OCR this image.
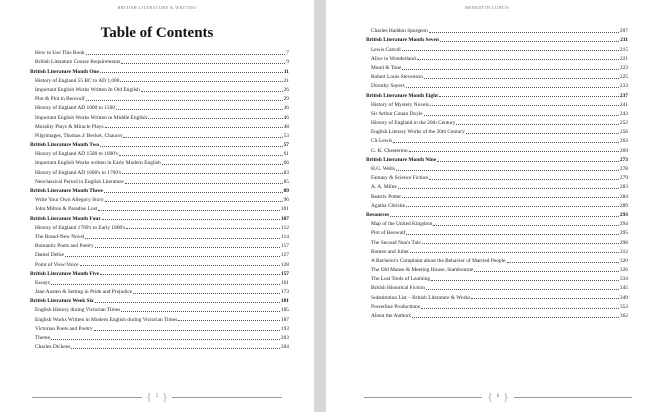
BRITISH LITERATURE & WRITING
Table of Contents
How to Use This Book	7
British Literature Course Requirements	9
British Literature Month One	11
History of England 55 BC to AD 1,000	21
Important English Works Written In Old English	26
Plot & Plot in Beowulf	29
History of England AD 1000 to 1500	36
Important English Works Written in Middle English	46
Morality Plays & Miracle Plays	48
Pilgrimages, Thomas á' Becket, Chaucer	53
British Literature Month Two	57
History of England AD 1500 to 1600's	61
Important English Works written in Early Modern English	66
History of England AD 1600's to 1700's	83
Neoclassical Period in English Literature	85
British Literature Month Three	89
Write Your Own Allegory Story	96
John Milton & Paradise Lost	101
British Literature Month Four	107
History of England 1700's to Early 1800's	112
The Brand-New Novel	114
Romantic Poets and Poetry	117
Daniel Defoe	127
Point of View/Voice	128
British Literature Month Five	157
Essays	161
Jane Austen & Setting in Pride and Prejudice	173
British Literature Week Six	181
English History during Victorian Times	185
English Works Written in Modern English during Victorian Times	187
Victorian Poets and Poetry	193
Theme	203
Charles Dickens	204
{ 5 }
MEREDITH CURTIS
Charles Haddon Spurgeon	207
British Literature Month Seven	211
Lewis Carroll	215
Alice in Wonderland	221
Mood & Tone	223
Robert Louis Stevenson	225
Dorothy Sayers	233
British Literature Month Eight	237
History of Mystery Novels	241
Sir Arthur Conan Doyle	243
History of England in the 20th Century	252
English Literary Works of the 20th Century	256
CS Lewis	263
G. K. Chesterton	269
British Literature Month Nine	273
H.G. Wells	278
Fantasy & Science Fiction	279
A. A. Milne	283
Beatrix Potter	284
Agatha Christie	289
Resources	293
Map of the United Kingdom	294
Plot of Beowulf	295
The Second Nun's Tale	298
Romeo and Juliet	312
A Bachelor's Complaint about the Behavior of Married People	320
The Old Manse & Meeting House, Stambourne	326
The Lost Tools of Learning	334
British Historical Fiction	345
Substitution List – British Literature & Works	349
Powerline Productions	353
About the Authors	362
{ 6 }
